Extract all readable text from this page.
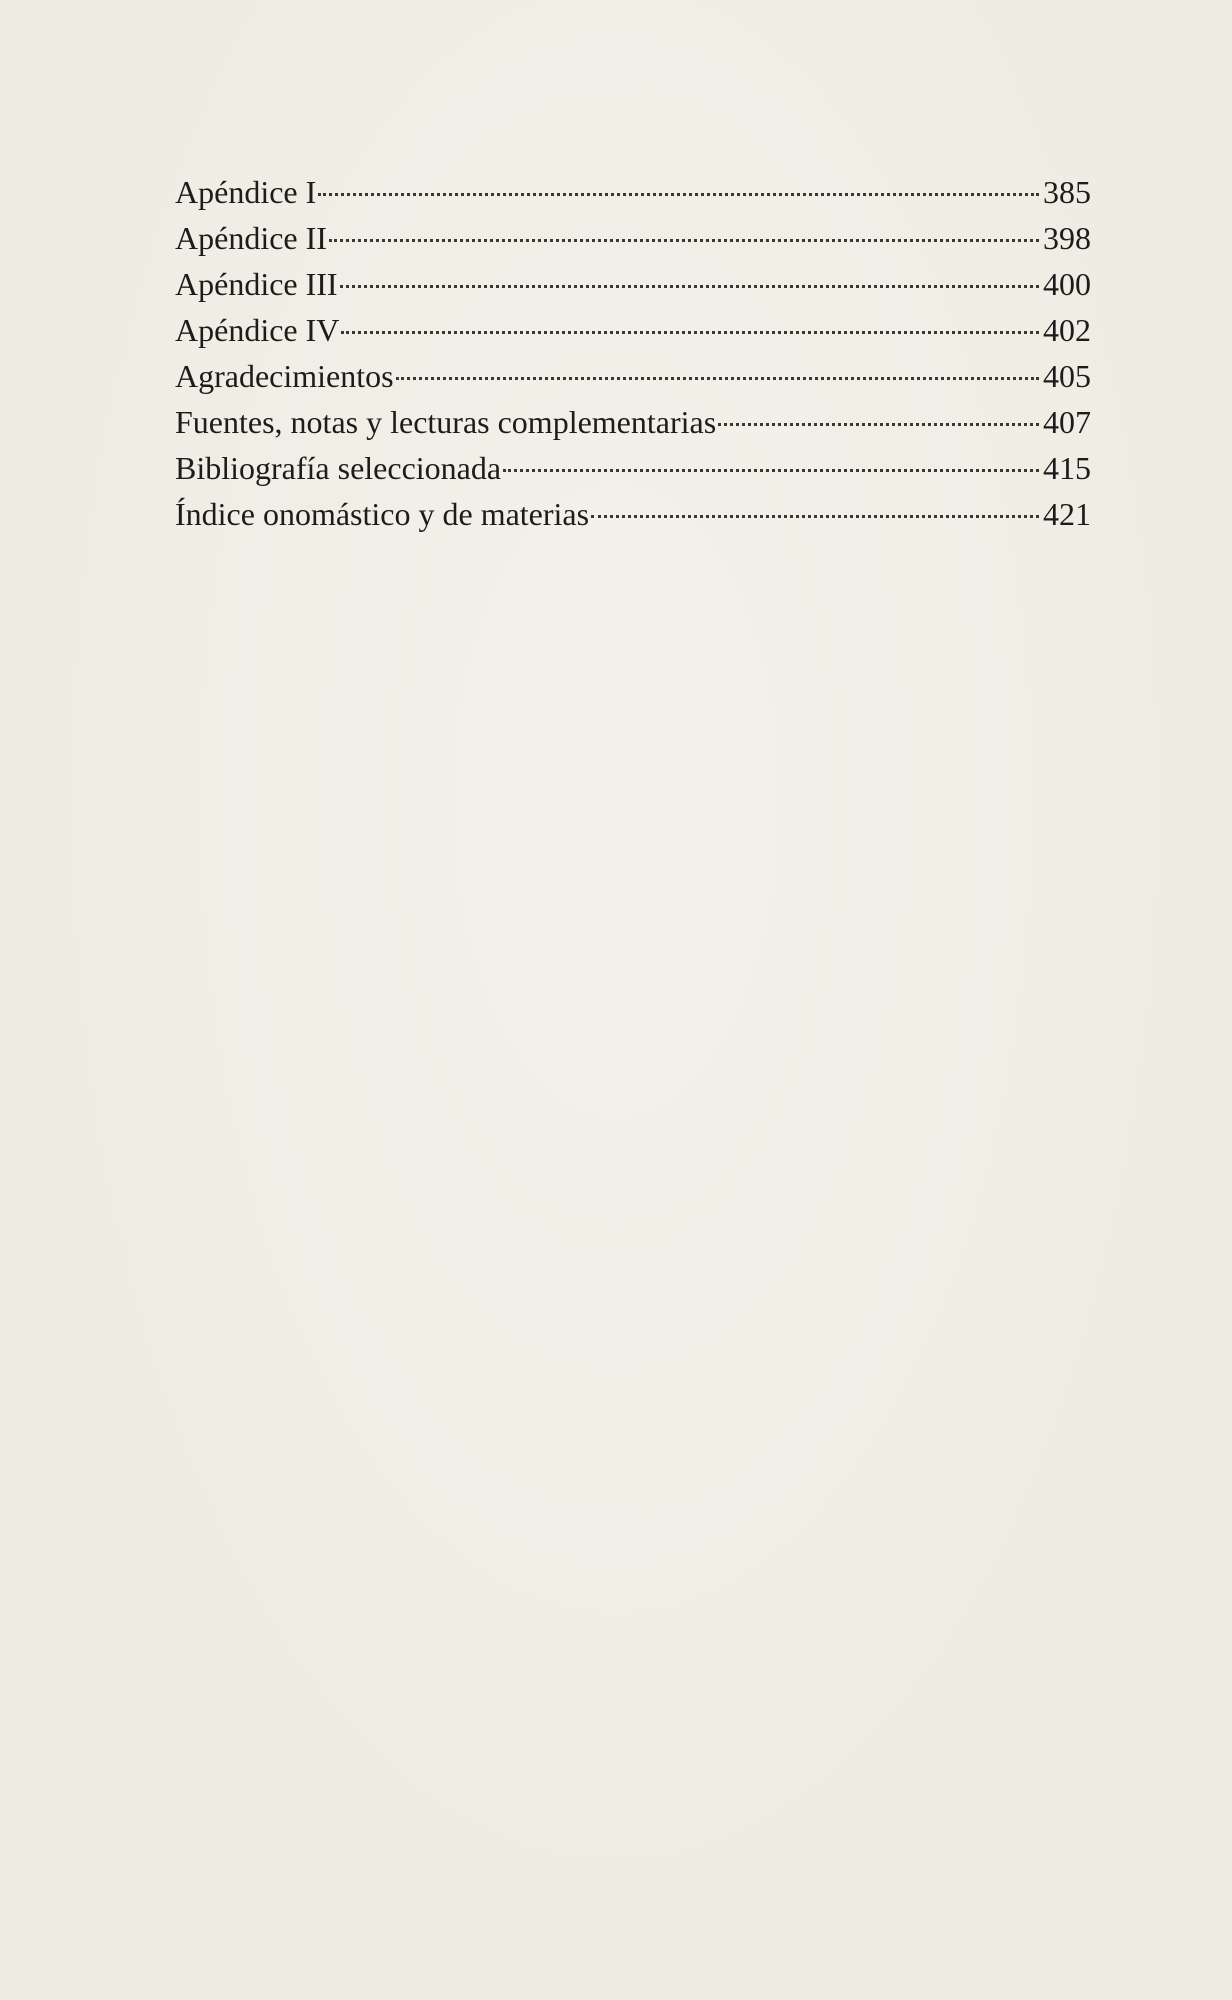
Apéndice I	385
Apéndice II	398
Apéndice III	400
Apéndice IV	402
Agradecimientos	405
Fuentes, notas y lecturas complementarias	407
Bibliografía seleccionada	415
Índice onomástico y de materias	421
